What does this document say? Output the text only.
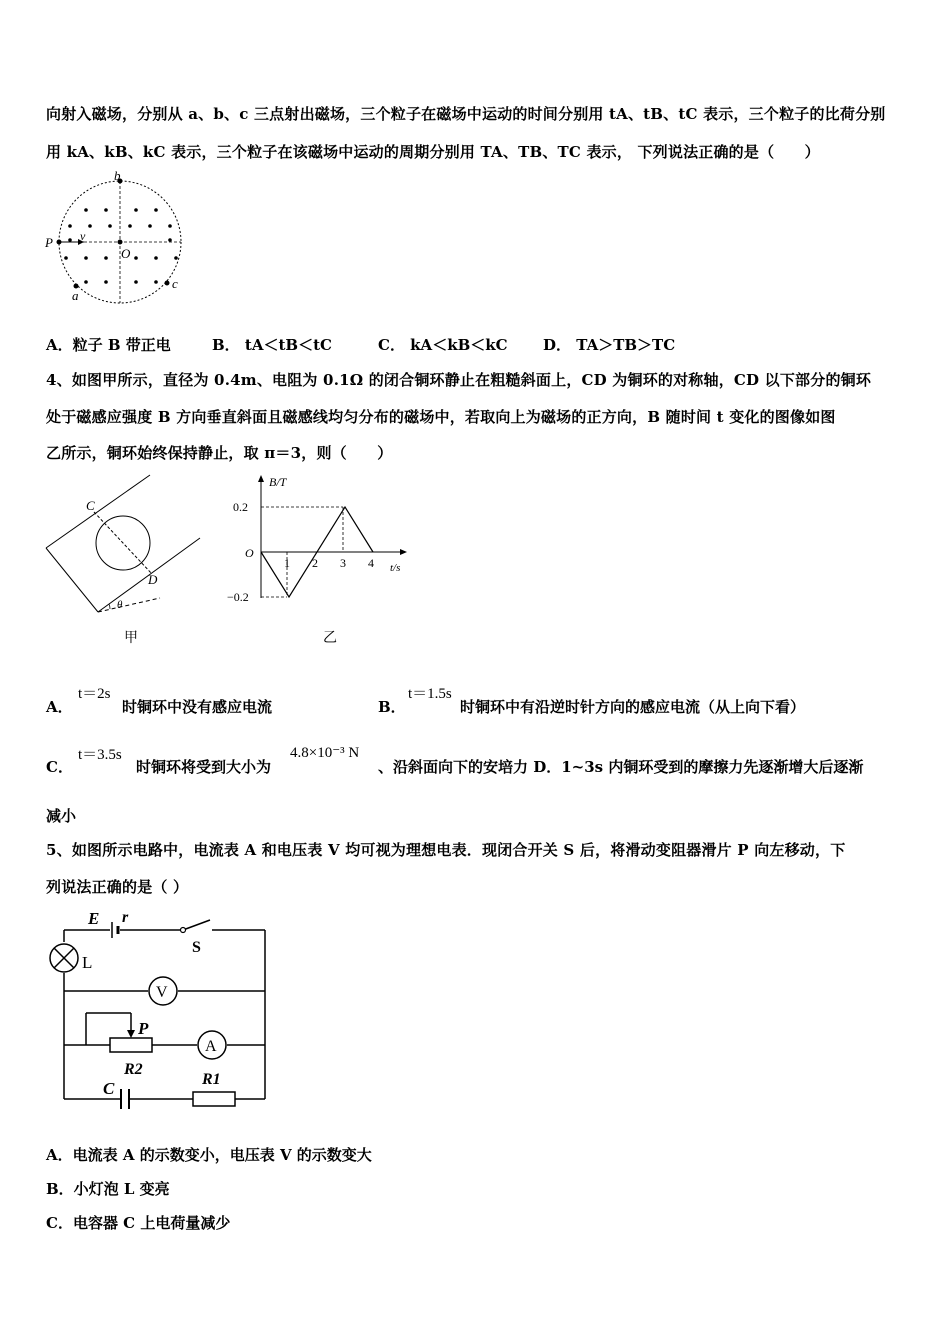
向射入磁场，分别从 a、b、c 三点射出磁场，三个粒子在磁场中运动的时间分别用 tA、tB、tC 表示，三个粒子的比荷分别
用 kA、kB、kC 表示，三个粒子在该磁场中运动的周期分别用 TA、TB、TC 表示， 下列说法正确的是（　　）
b
P
O
v
a
c
A．粒子 B 带正电	B． tA＜tB＜tC	C． kA＜kB＜kC D． TA＞TB＞TC
4、如图甲所示，直径为 0.4m、电阻为 0.1Ω 的闭合铜环静止在粗糙斜面上，CD 为铜环的对称轴，CD 以下部分的铜环
处于磁感应强度 B 方向垂直斜面且磁感线均匀分布的磁场中，若取向上为磁场的正方向，B 随时间 t 变化的图像如图
乙所示，铜环始终保持静止，取 π＝3，则（　　）
C
D
θ
甲
B/T
t/s
0.2
−0.2
O
1 2 3 4
乙
A．
t＝2s
时铜环中没有感应电流	B．
t＝1.5s
时铜环中有沿逆时针方向的感应电流（从上向下看）
C．
t＝3.5s
时铜环将受到大小为
4.8×10⁻³ N
、沿斜面向下的安培力 D．1~3s 内铜环受到的摩擦力先逐渐增大后逐渐
减小
5、如图所示电路中，电流表 A 和电压表 V 均可视为理想电表．现闭合开关 S 后，将滑动变阻器滑片 P 向左移动，下
列说法正确的是（ ）
E r
S
L
V
P
A
R2
R1
C
A．电流表 A 的示数变小，电压表 V 的示数变大
B．小灯泡 L 变亮
C．电容器 C 上电荷量减少
